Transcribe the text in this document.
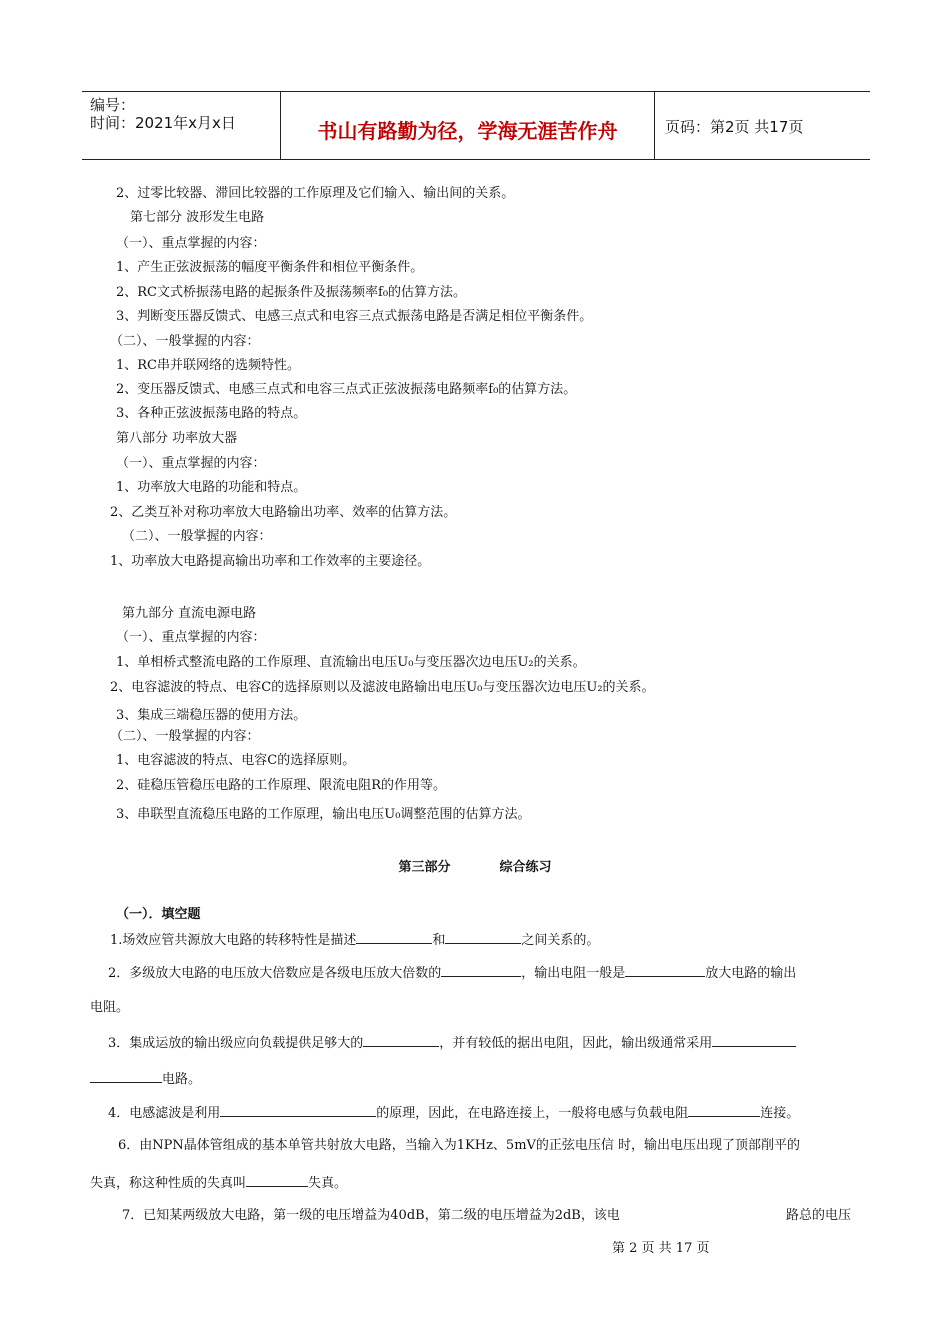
编号：
时间：2021年x月x日	书山有路勤为径，学海无涯苦作舟	页码：第2页 共17页
2、过零比较器、滞回比较器的工作原理及它们输入、输出间的关系。
第七部分 波形发生电路
（一）、重点掌握的内容：
1、产生正弦波振荡的幅度平衡条件和相位平衡条件。
2、RC文式桥振荡电路的起振条件及振荡频率f₀的估算方法。
3、判断变压器反馈式、电感三点式和电容三点式振荡电路是否满足相位平衡条件。
（二）、一般掌握的内容：
1、RC串并联网络的选频特性。
2、变压器反馈式、电感三点式和电容三点式正弦波振荡电路频率f₀的估算方法。
3、各种正弦波振荡电路的特点。
第八部分 功率放大器
（一）、重点掌握的内容：
1、功率放大电路的功能和特点。
2、乙类互补对称功率放大电路输出功率、效率的估算方法。
（二）、一般掌握的内容：
1、功率放大电路提高输出功率和工作效率的主要途径。
第九部分 直流电源电路
（一）、重点掌握的内容：
1、单相桥式整流电路的工作原理、直流输出电压U₀与变压器次边电压U₂的关系。
2、电容滤波的特点、电容C的选择原则以及滤波电路输出电压U₀与变压器次边电压U₂的关系。
3、集成三端稳压器的使用方法。
（二）、一般掌握的内容：
1、电容滤波的特点、电容C的选择原则。
2、硅稳压管稳压电路的工作原理、限流电阻R的作用等。
3、串联型直流稳压电路的工作原理，输出电压U₀调整范围的估算方法。
第三部分	综合练习
（一）．填空题
1.场效应管共源放大电路的转移特性是描述	和	之间关系的。
2．多级放大电路的电压放大倍数应是各级电压放大倍数的	，输出电阻一般是	放大电路的输出
电阻。
3．集成运放的输出级应向负载提供足够大的	，并有较低的据出电阻，因此，输出级通常采用
电路。
4．电感滤波是利用	的原理，因此，在电路连接上，一般将电感与负载电阻	连接。
6．由NPN晶体管组成的基本单管共射放大电路，当输入为1KHz、5mV的正弦电压信 时，输出电压出现了顶部削平的
失真，称这种性质的失真叫	失真。
7．已知某两级放大电路，第一级的电压增益为40dB，第二级的电压增益为2dB，该电	路总的电压
第 2 页 共 17 页
